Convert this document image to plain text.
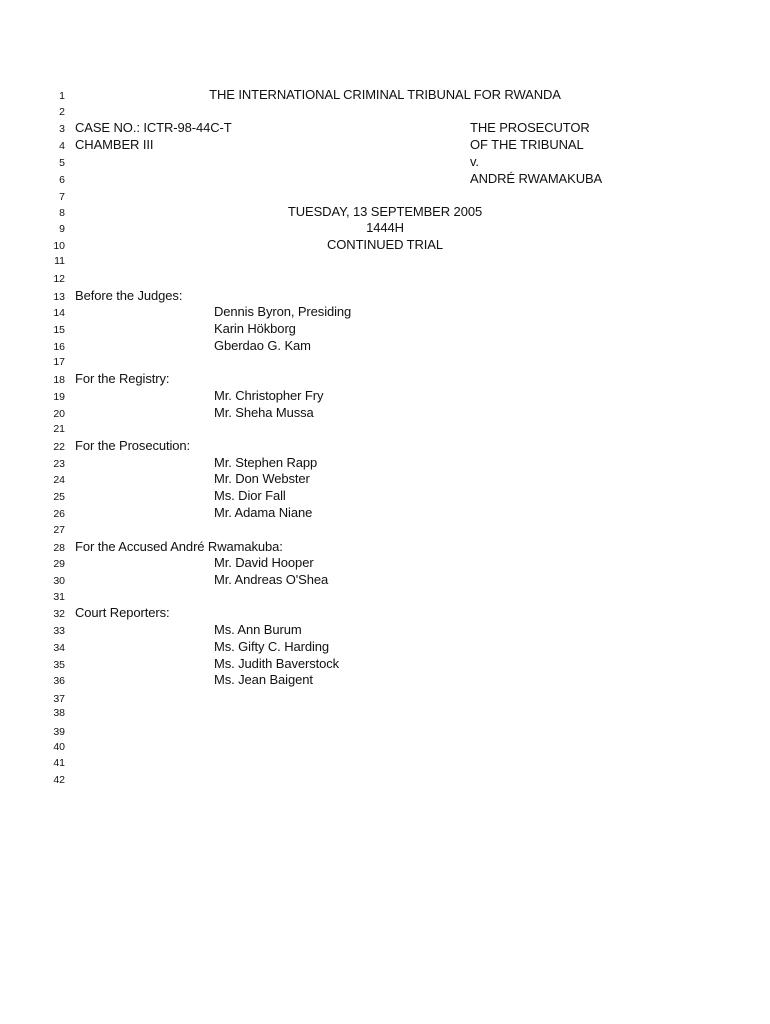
1	THE INTERNATIONAL CRIMINAL TRIBUNAL FOR RWANDA
2
3 CASE NO.: ICTR-98-44C-T	THE PROSECUTOR
4 CHAMBER III	OF THE TRIBUNAL
5	v.
6	ANDRÉ RWAMAKUBA
7
8	TUESDAY, 13 SEPTEMBER 2005
9	1444H
10	CONTINUED TRIAL
11
12
13 Before the Judges:
14	Dennis Byron, Presiding
15	Karin Hökborg
16	Gberdao G. Kam
17
18 For the Registry:
19	Mr. Christopher Fry
20	Mr. Sheha Mussa
21
22 For the Prosecution:
23	Mr. Stephen Rapp
24	Mr. Don Webster
25	Ms. Dior Fall
26	Mr. Adama Niane
27
28 For the Accused André Rwamakuba:
29	Mr. David Hooper
30	Mr. Andreas O'Shea
31
32 Court Reporters:
33	Ms. Ann Burum
34	Ms. Gifty C. Harding
35	Ms. Judith Baverstock
36	Ms. Jean Baigent
37
38
39
40
41
42
